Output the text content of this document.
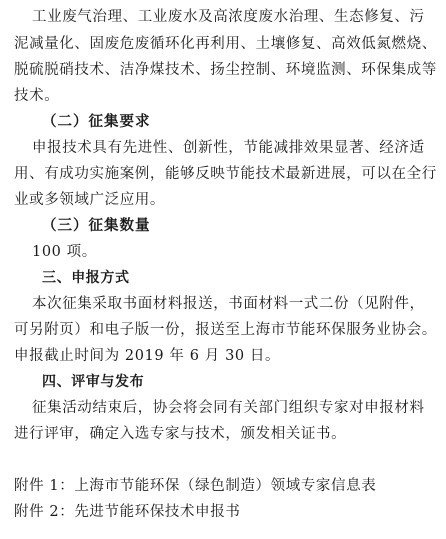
工业废气治理、工业废水及高浓度废水治理、生态修复、污
泥减量化、固废危废循环化再利用、土壤修复、高效低氮燃烧、
脱硫脱硝技术、洁净煤技术、扬尘控制、环境监测、环保集成等
技术。
（二）征集要求
申报技术具有先进性、创新性，节能减排效果显著、经济适
用、有成功实施案例，能够反映节能技术最新进展，可以在全行
业或多领域广泛应用。
（三）征集数量
100 项。
三、申报方式
本次征集采取书面材料报送，书面材料一式二份（见附件，
可另附页）和电子版一份，报送至上海市节能环保服务业协会。
申报截止时间为 2019 年 6 月 30 日。
四、评审与发布
征集活动结束后，协会将会同有关部门组织专家对申报材料
进行评审，确定入选专家与技术，颁发相关证书。
附件 1：上海市节能环保（绿色制造）领域专家信息表
附件 2：先进节能环保技术申报书
